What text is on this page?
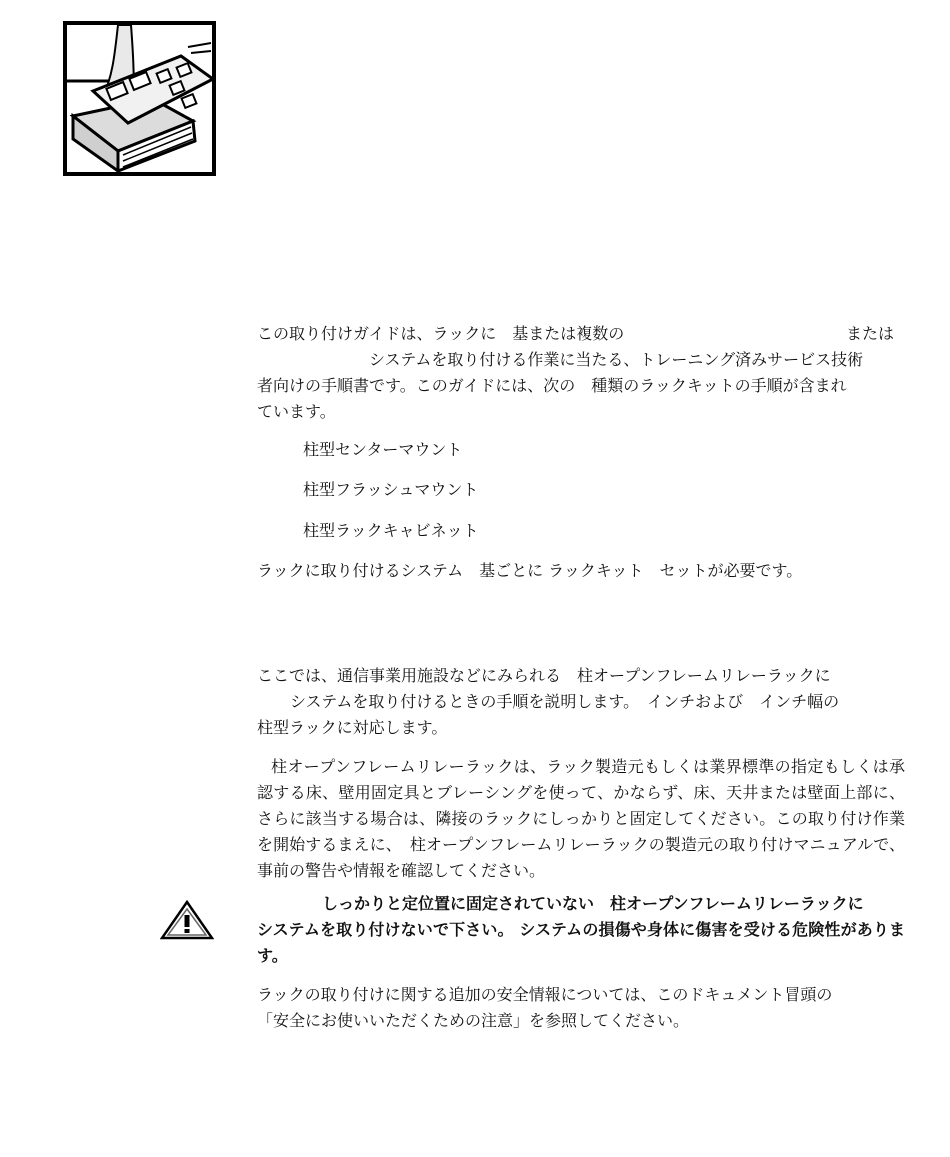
この取り付けガイドは、ラックに　基または複数の	または
システムを取り付ける作業に当たる、トレーニング済みサービス技術
者向けの手順書です。このガイドには、次の　種類のラックキットの手順が含まれ
ています。

柱型センターマウント

柱型フラッシュマウント

柱型ラックキャビネット

ラックに取り付けるシステム　基ごとに ラックキット　セットが必要です。
ここでは、通信事業用施設などにみられる　柱オープンフレームリレーラックに
システムを取り付けるときの手順を説明します。　インチおよび　インチ幅の
柱型ラックに対応します。

柱オープンフレームリレーラックは、ラック製造元もしくは業界標準の指定もしくは承認する床、壁用固定具とブレーシングを使って、かならず、床、天井または壁面上部に、さらに該当する場合は、隣接のラックにしっかりと固定してください。この取り付け作業を開始するまえに、　柱オープンフレームリレーラックの製造元の取り付けマニュアルで、事前の警告や情報を確認してください。

しっかりと定位置に固定されていない　柱オープンフレームリレーラックに

システムを取り付けないで下さい。 システムの損傷や身体に傷害を受ける危険性があります。

ラックの取り付けに関する追加の安全情報については、このドキュメント冒頭の
「安全にお使いいただくための注意」を参照してください。
